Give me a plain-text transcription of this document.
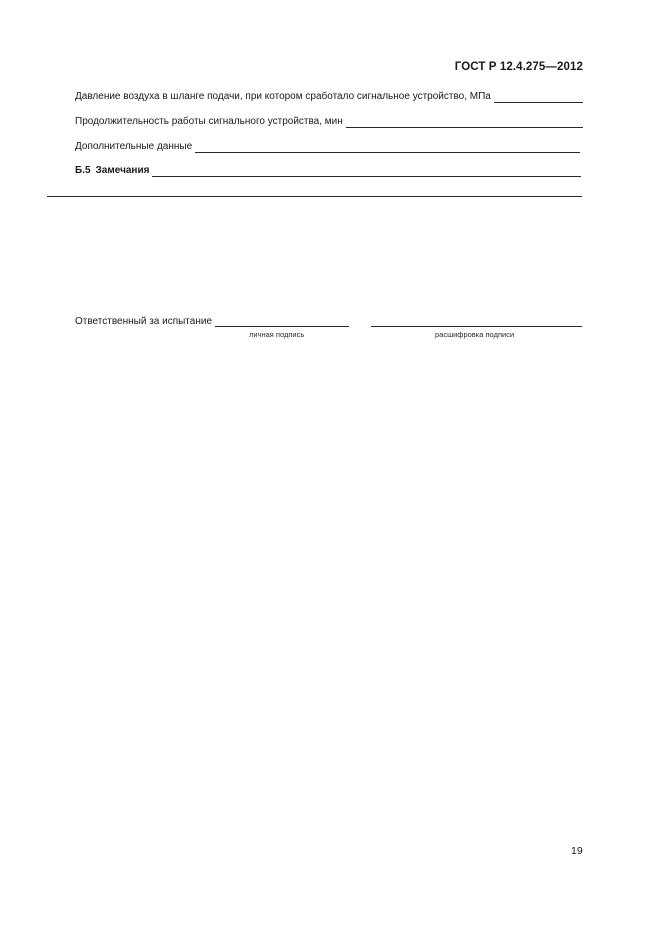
ГОСТ Р 12.4.275—2012
Давление воздуха в шланге подачи, при котором сработало сигнальное устройство, МПа
Продолжительность работы сигнального устройства, мин
Дополнительные данные
Б.5 Замечания
Ответственный за испытание
личная подпись	расшифровка подписи
19
